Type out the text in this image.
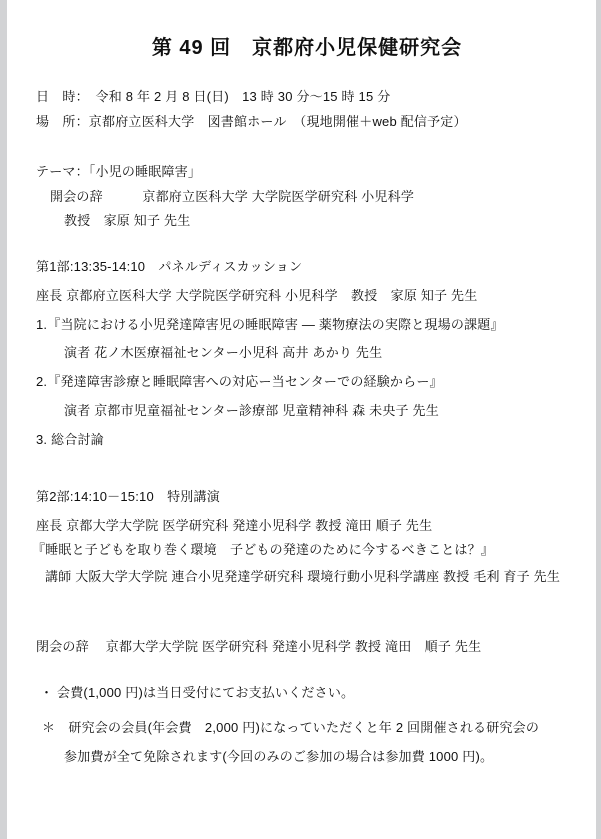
第 49 回　京都府小児保健研究会

日　時：　令和 8 年 2 月 8 日(日)　13 時 30 分～15 時 15 分

場　所：京都府立医科大学　図書館ホール　（現地開催＋web 配信予定）

テーマ：「小児の睡眠障害」

開会の辞　　　京都府立医科大学 大学院医学研究科 小児科学

教授　家原 知子 先生

第1部:13:35-14:10　パネルディスカッション

座長 京都府立医科大学 大学院医学研究科 小児科学　教授　家原 知子 先生

1.『当院における小児発達障害児の睡眠障害 ― 薬物療法の実際と現場の課題』

演者 花ノ木医療福祉センター小児科 高井 あかり 先生

2.『発達障害診療と睡眠障害への対応ー当センターでの経験からー』

演者 京都市児童福祉センター診療部 児童精神科 森 未央子 先生

3. 総合討論

第2部:14:10－15:10　特別講演

座長 京都大学大学院 医学研究科 発達小児科学 教授 滝田 順子 先生

『睡眠と子どもを取り巻く環境　子どもの発達のために今するべきことは？』

講師 大阪大学大学院 連合小児発達学研究科 環境行動小児科学講座 教授 毛利 育子 先生

閉会の辞　 京都大学大学院 医学研究科 発達小児科学 教授 滝田　順子 先生

・ 会費(1,000 円)は当日受付にてお支払いください。

＊　研究会の会員(年会費　2,000 円)になっていただくと年 2 回開催される研究会の

参加費が全て免除されます(今回のみのご参加の場合は参加費 1000 円)。
